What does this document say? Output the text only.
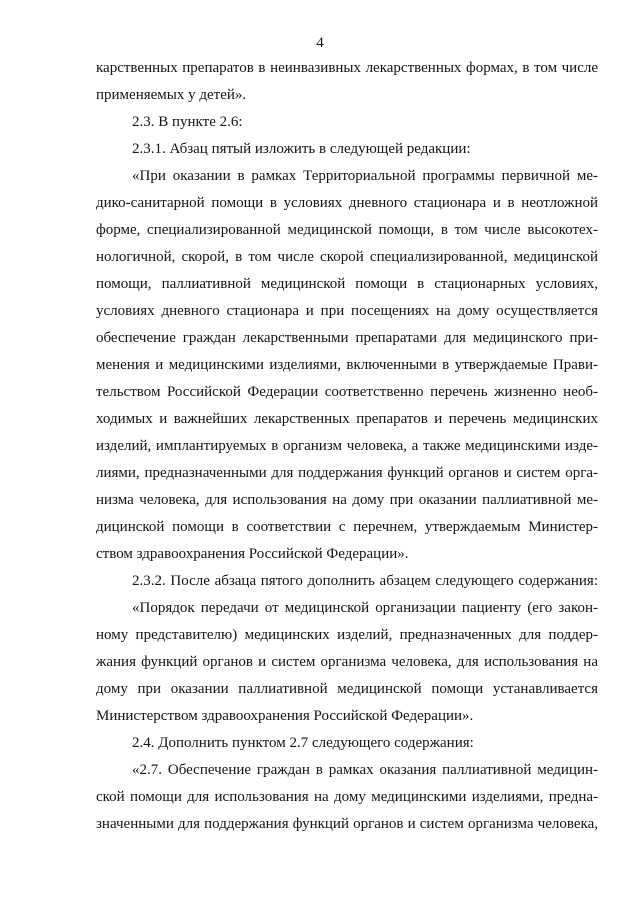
4
карственных препаратов в неинвазивных лекарственных формах, в том числе
применяемых у детей».
2.3. В пункте 2.6:
2.3.1. Абзац пятый изложить в следующей редакции:
«При оказании в рамках Территориальной программы первичной ме-
дико-санитарной помощи в условиях дневного стационара и в неотложной
форме, специализированной медицинской помощи, в том числе высокотех-
нологичной, скорой, в том числе скорой специализированной, медицинской
помощи, паллиативной медицинской помощи в стационарных условиях,
условиях дневного стационара и при посещениях на дому осуществляется
обеспечение граждан лекарственными препаратами для медицинского при-
менения и медицинскими изделиями, включенными в утверждаемые Прави-
тельством Российской Федерации соответственно перечень жизненно необ-
ходимых и важнейших лекарственных препаратов и перечень медицинских
изделий, имплантируемых в организм человека, а также медицинскими изде-
лиями, предназначенными для поддержания функций органов и систем орга-
низма человека, для использования на дому при оказании паллиативной ме-
дицинской помощи в соответствии с перечнем, утверждаемым Министер-
ством здравоохранения Российской Федерации».
2.3.2. После абзаца пятого дополнить абзацем следующего содержания:
«Порядок передачи от медицинской организации пациенту (его закон-
ному представителю) медицинских изделий, предназначенных для поддер-
жания функций органов и систем организма человека, для использования на
дому при оказании паллиативной медицинской помощи устанавливается
Министерством здравоохранения Российской Федерации».
2.4. Дополнить пунктом 2.7 следующего содержания:
«2.7. Обеспечение граждан в рамках оказания паллиативной медицин-
ской помощи для использования на дому медицинскими изделиями, предна-
значенными для поддержания функций органов и систем организма человека,
